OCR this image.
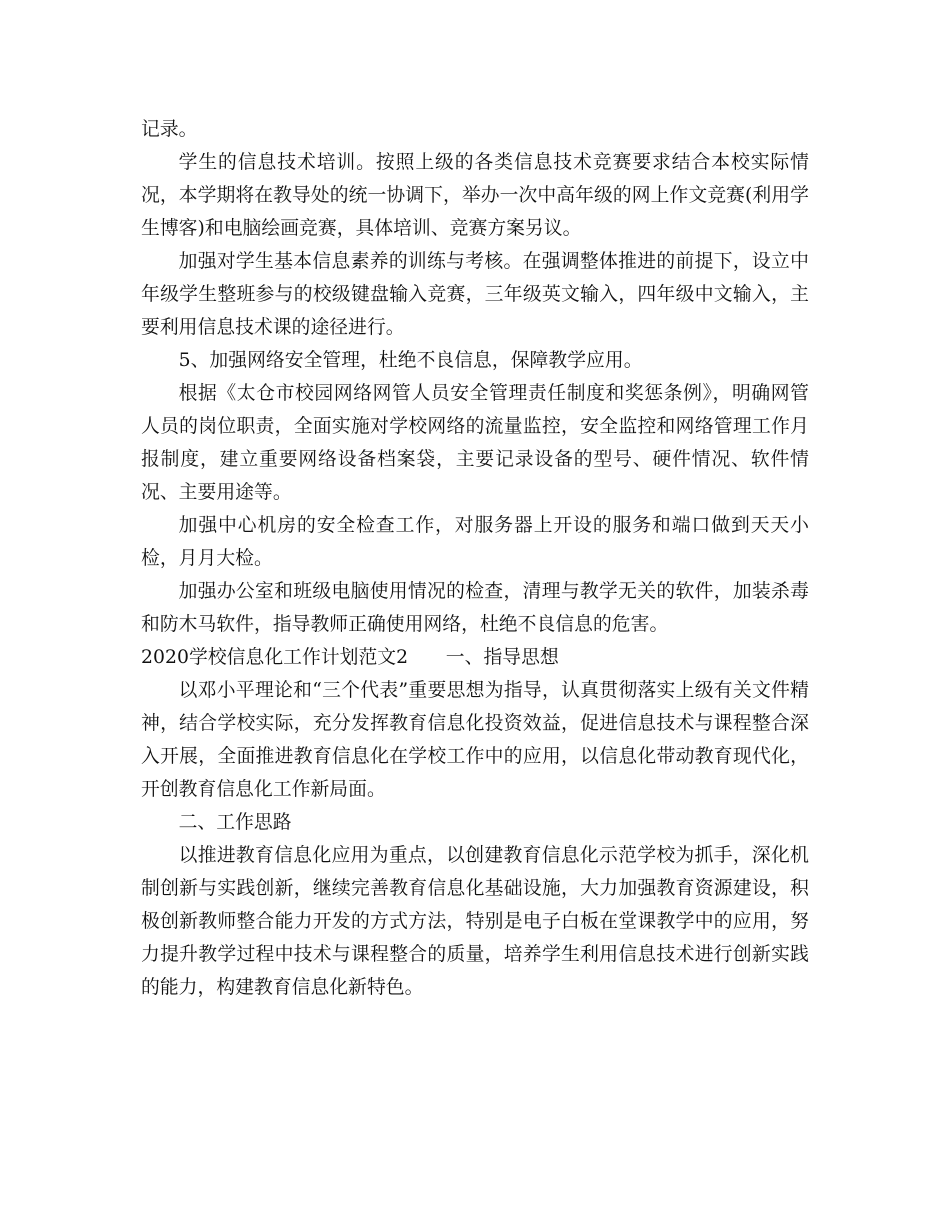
记录。

学生的信息技术培训。按照上级的各类信息技术竞赛要求结合本校实际情况，本学期将在教导处的统一协调下，举办一次中高年级的网上作文竞赛(利用学生博客)和电脑绘画竞赛，具体培训、竞赛方案另议。

加强对学生基本信息素养的训练与考核。在强调整体推进的前提下，设立中年级学生整班参与的校级键盘输入竞赛，三年级英文输入，四年级中文输入，主要利用信息技术课的途径进行。

5、加强网络安全管理，杜绝不良信息，保障教学应用。

根据《太仓市校园网络网管人员安全管理责任制度和奖惩条例》，明确网管人员的岗位职责，全面实施对学校网络的流量监控，安全监控和网络管理工作月报制度，建立重要网络设备档案袋，主要记录设备的型号、硬件情况、软件情况、主要用途等。

加强中心机房的安全检查工作，对服务器上开设的服务和端口做到天天小检，月月大检。

加强办公室和班级电脑使用情况的检查，清理与教学无关的软件，加装杀毒和防木马软件，指导教师正确使用网络，杜绝不良信息的危害。

2020学校信息化工作计划范文2　　一、指导思想

以邓小平理论和“三个代表”重要思想为指导，认真贯彻落实上级有关文件精神，结合学校实际，充分发挥教育信息化投资效益，促进信息技术与课程整合深入开展，全面推进教育信息化在学校工作中的应用，以信息化带动教育现代化，开创教育信息化工作新局面。

二、工作思路

以推进教育信息化应用为重点，以创建教育信息化示范学校为抓手，深化机制创新与实践创新，继续完善教育信息化基础设施，大力加强教育资源建设，积极创新教师整合能力开发的方式方法，特别是电子白板在堂课教学中的应用，努力提升教学过程中技术与课程整合的质量，培养学生利用信息技术进行创新实践的能力，构建教育信息化新特色。
